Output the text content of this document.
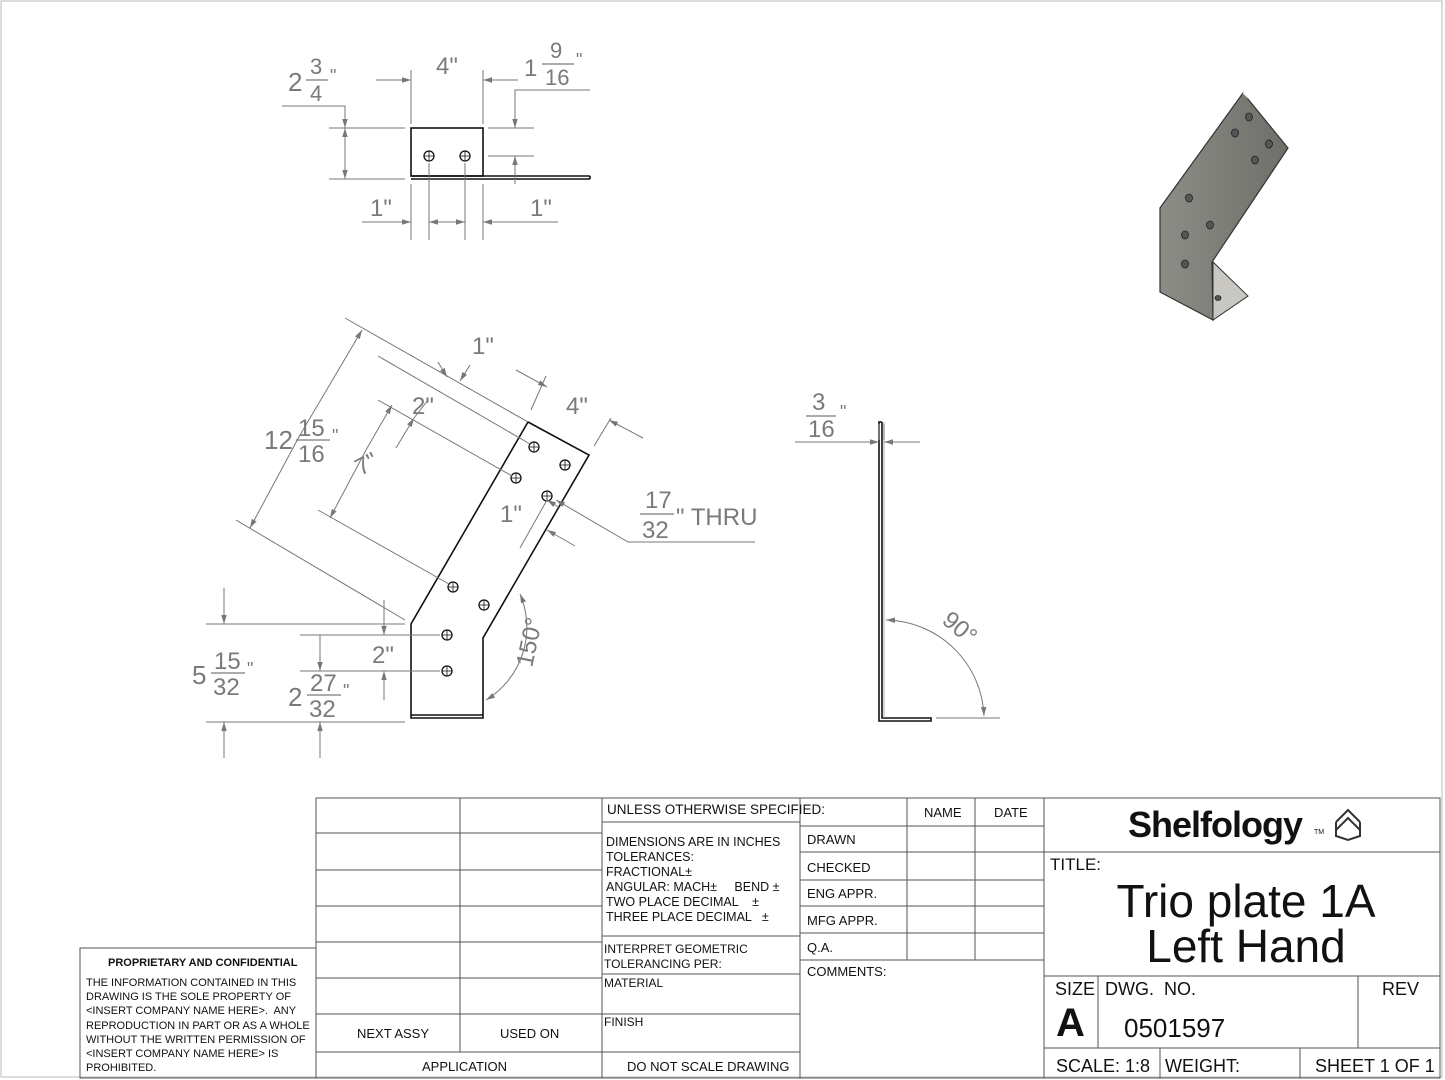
2
3
4
"	4"	1
9
16
"
1"	1"
12 15
16
"
1"
2"	4"
7"
1"
17
32 " THRU
5 15
32
"	2"
2 27
32
"
150°
3
16
"
90°
UNLESS OTHERWISE SPECIFIED:
DIMENSIONS ARE IN INCHES
TOLERANCES:
FRACTIONAL±
ANGULAR: MACH±     BEND ±
TWO PLACE DECIMAL    ±
THREE PLACE DECIMAL   ±
INTERPRET GEOMETRIC
TOLERANCING PER:
MATERIAL
FINISH
DO NOT SCALE DRAWING
NEXT ASSY	USED ON
APPLICATION
NAME DATE
DRAWN
CHECKED
ENG APPR.
MFG APPR.
Q.A.
COMMENTS:
Shelfology TM
TITLE:
Trio plate 1A
Left Hand
SIZE
A
DWG.  NO.
0501597
REV
SCALE: 1:8 WEIGHT:	SHEET 1 OF 1
PROPRIETARY AND CONFIDENTIAL
THE INFORMATION CONTAINED IN THIS
DRAWING IS THE SOLE PROPERTY OF
<INSERT COMPANY NAME HERE>.  ANY
REPRODUCTION IN PART OR AS A WHOLE
WITHOUT THE WRITTEN PERMISSION OF
<INSERT COMPANY NAME HERE> IS
PROHIBITED.
